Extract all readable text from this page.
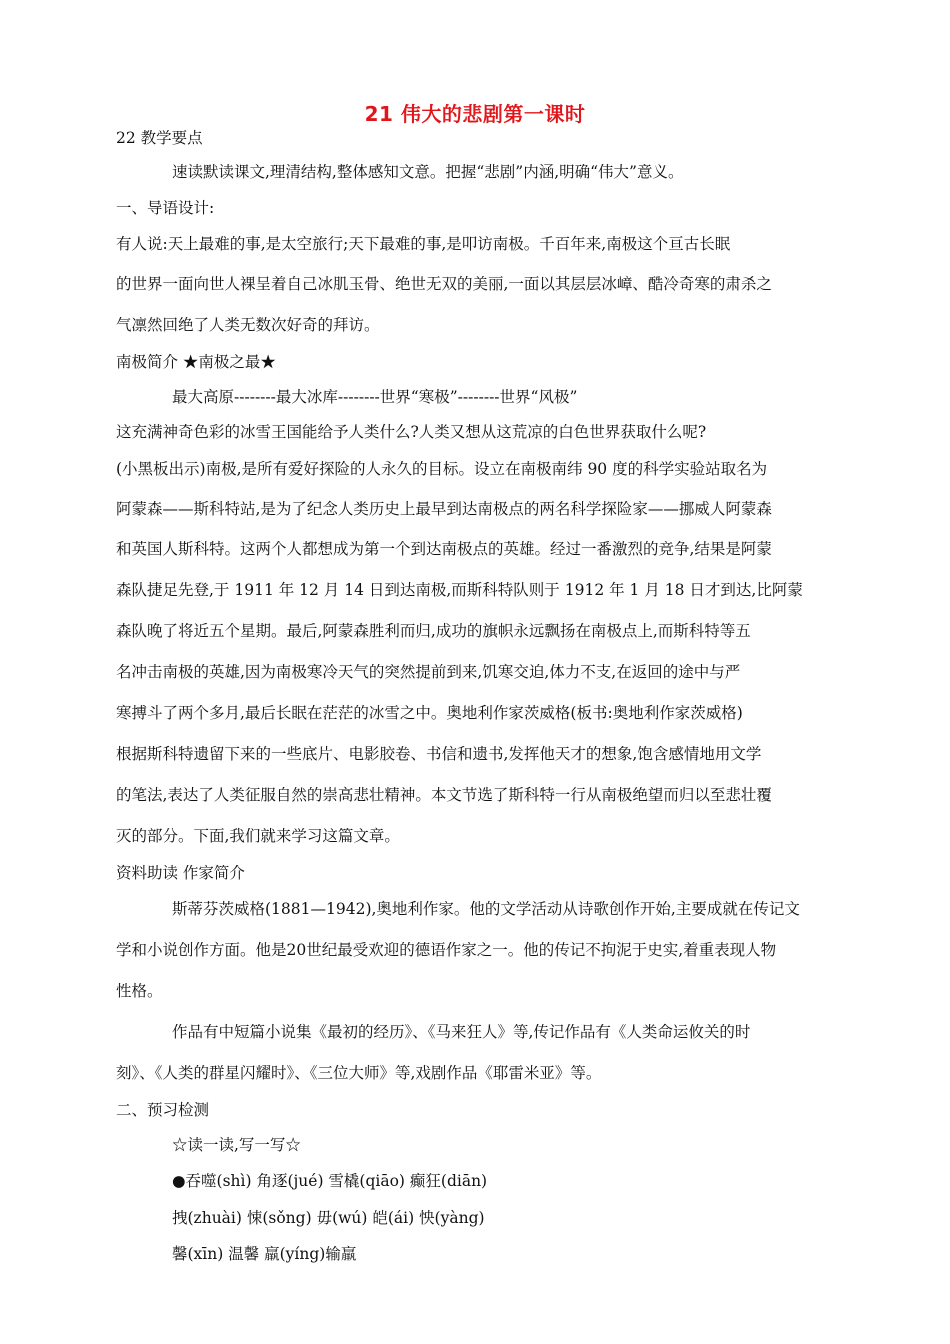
21 伟大的悲剧第一课时
22 教学要点
速读默读课文,理清结构,整体感知文意。把握“悲剧”内涵,明确“伟大”意义。
一、导语设计:
有人说:天上最难的事,是太空旅行;天下最难的事,是叩访南极。千百年来,南极这个亘古长眠
的世界一面向世人裸呈着自己冰肌玉骨、绝世无双的美丽,一面以其层层冰嶂、酷冷奇寒的肃杀之
气凛然回绝了人类无数次好奇的拜访。
南极简介 ★南极之最★
最大高原--------最大冰库--------世界“寒极”--------世界“风极”
这充满神奇色彩的冰雪王国能给予人类什么?人类又想从这荒凉的白色世界获取什么呢?
(小黑板出示)南极,是所有爱好探险的人永久的目标。设立在南极南纬 90 度的科学实验站取名为
阿蒙森——斯科特站,是为了纪念人类历史上最早到达南极点的两名科学探险家——挪威人阿蒙森
和英国人斯科特。这两个人都想成为第一个到达南极点的英雄。经过一番激烈的竞争,结果是阿蒙
森队捷足先登,于 1911 年 12 月 14 日到达南极,而斯科特队则于 1912 年 1 月 18 日才到达,比阿蒙
森队晚了将近五个星期。最后,阿蒙森胜利而归,成功的旗帜永远飘扬在南极点上,而斯科特等五
名冲击南极的英雄,因为南极寒冷天气的突然提前到来,饥寒交迫,体力不支,在返回的途中与严
寒搏斗了两个多月,最后长眠在茫茫的冰雪之中。奥地利作家茨威格(板书:奥地利作家茨威格)
根据斯科特遗留下来的一些底片、电影胶卷、书信和遗书,发挥他天才的想象,饱含感情地用文学
的笔法,表达了人类征服自然的崇高悲壮精神。本文节选了斯科特一行从南极绝望而归以至悲壮覆
灭的部分。下面,我们就来学习这篇文章。
资料助读 作家简介
斯蒂芬茨威格(1881—1942),奥地利作家。他的文学活动从诗歌创作开始,主要成就在传记文
学和小说创作方面。他是20世纪最受欢迎的德语作家之一。他的传记不拘泥于史实,着重表现人物
性格。
作品有中短篇小说集《最初的经历》、《马来狂人》等,传记作品有《人类命运攸关的时
刻》、《人类的群星闪耀时》、《三位大师》等,戏剧作品《耶雷米亚》等。
二、预习检测
☆读一读,写一写☆
●吞噬(shì) 角逐(jué) 雪橇(qiāo) 癫狂(diān)
拽(zhuài) 悚(sǒng) 毋(wú) 皑(ái) 怏(yàng)
馨(xīn) 温馨 羸(yíng)输羸
